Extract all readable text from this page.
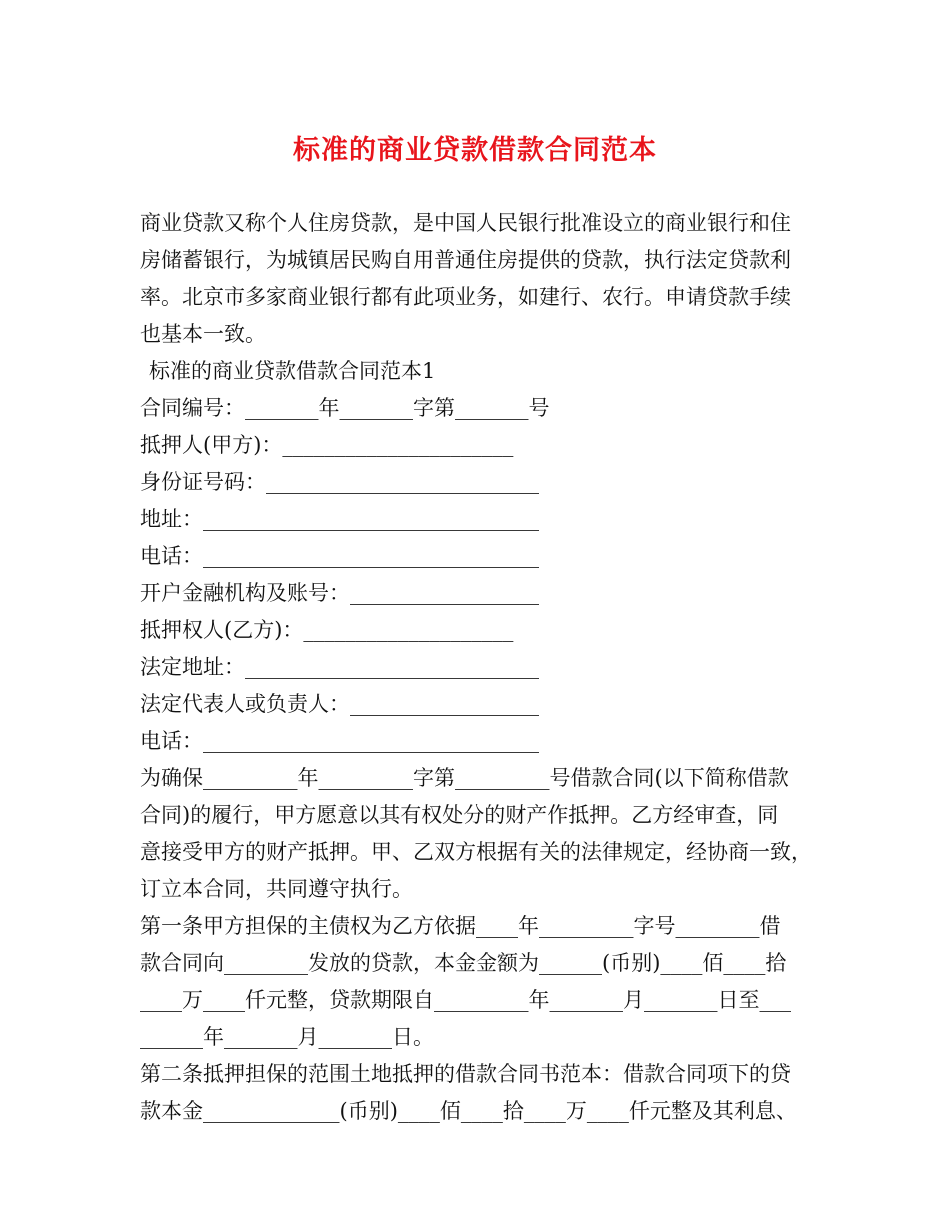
标准的商业贷款借款合同范本

商业贷款又称个人住房贷款，是中国人民银行批准设立的商业银行和住

房储蓄银行，为城镇居民购自用普通住房提供的贷款，执行法定贷款利

率。北京市多家商业银行都有此项业务，如建行、农行。申请贷款手续

也基本一致。

标准的商业贷款借款合同范本1

合同编号：_______年_______字第_______号

抵押人(甲方)：______________________

身份证号码：__________________________

地址：________________________________

电话：________________________________

开户金融机构及账号：__________________

抵押权人(乙方)：____________________

法定地址：____________________________

法定代表人或负责人：__________________

电话：________________________________

为确保_________年_________字第_________号借款合同(以下简称借款

合同)的履行，甲方愿意以其有权处分的财产作抵押。乙方经审查，同

意接受甲方的财产抵押。甲、乙双方根据有关的法律规定，经协商一致，

订立本合同，共同遵守执行。

第一条甲方担保的主债权为乙方依据____年_________字号________借

款合同向________发放的贷款，本金金额为______(币别)____佰____拾

____万____仟元整，贷款期限自_________年_______月_______日至___

______年_______月_______日。

第二条抵押担保的范围土地抵押的借款合同书范本：借款合同项下的贷

款本金_____________(币别)____佰____拾____万____仟元整及其利息、
